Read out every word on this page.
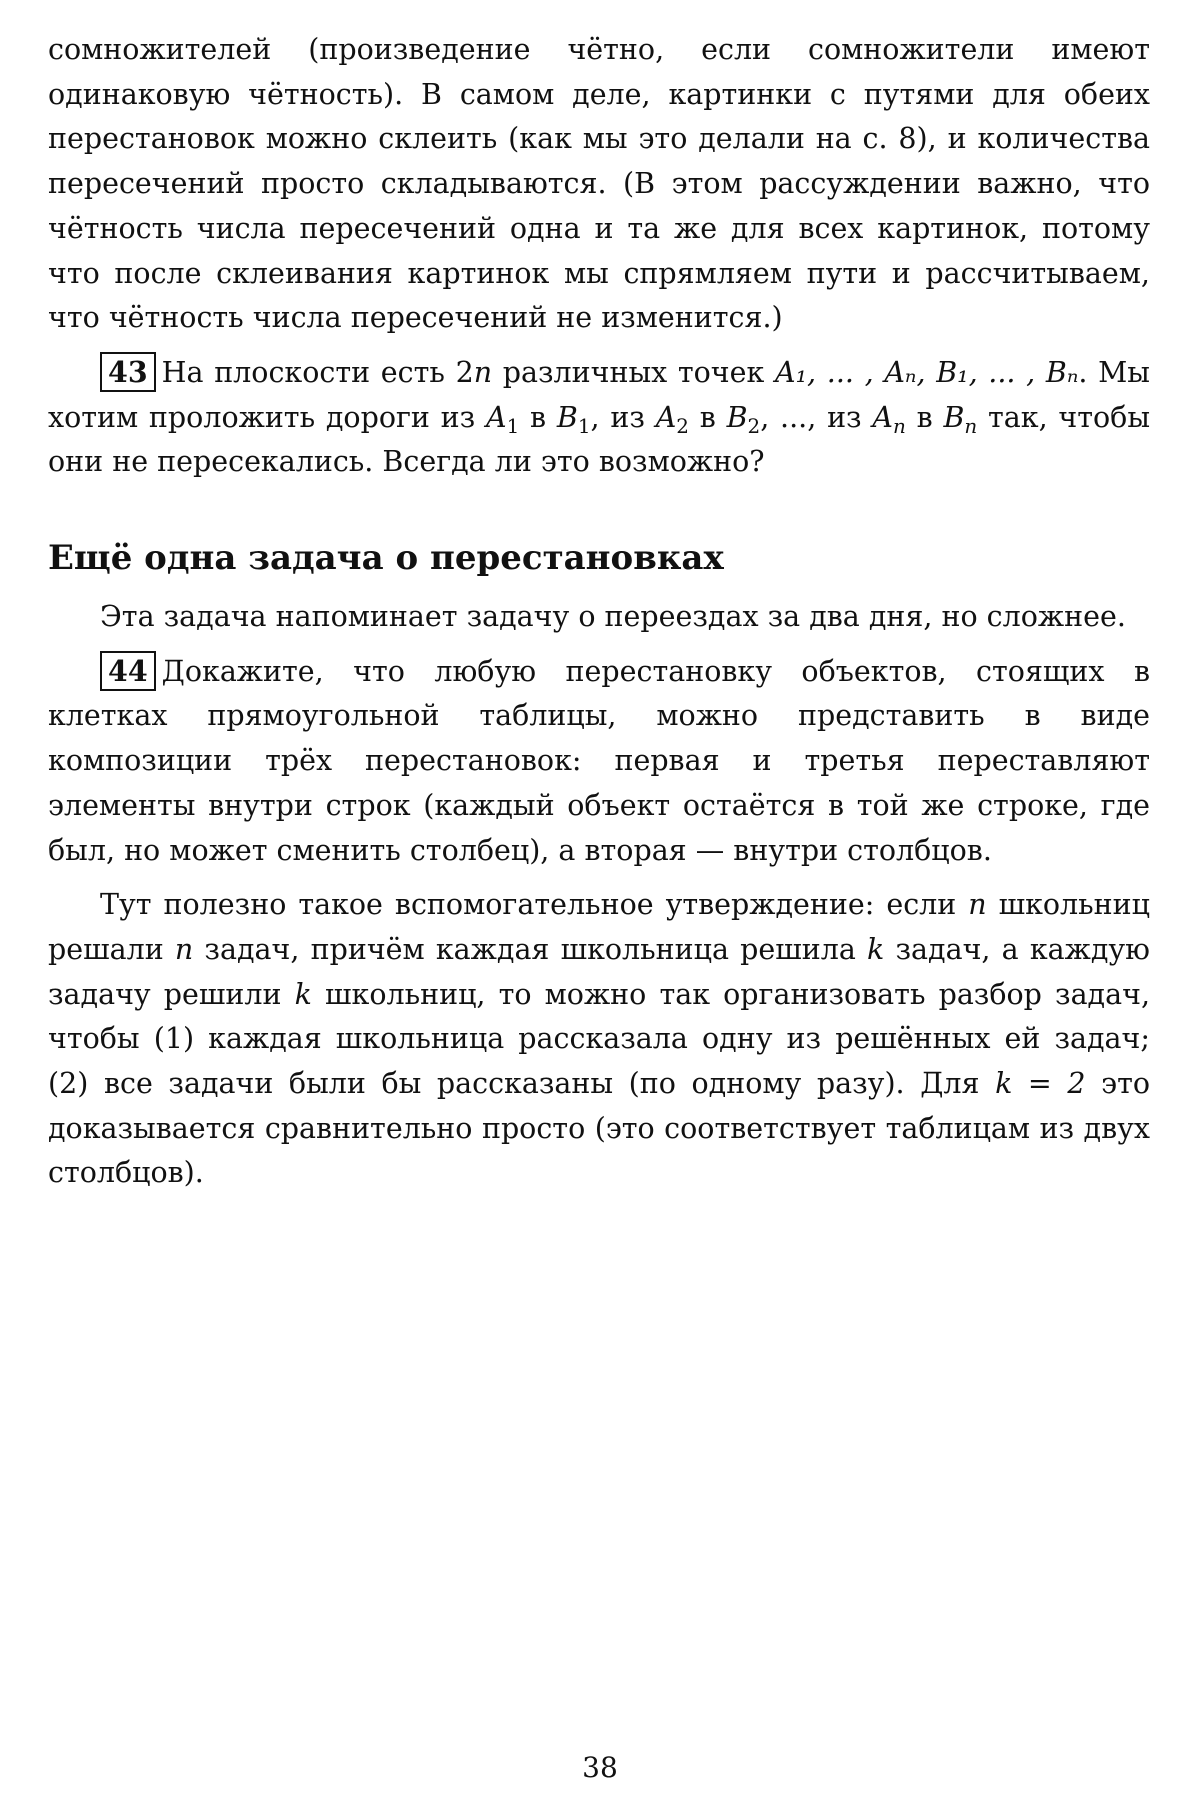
сомножителей (произведение чётно, если сомножители имеют одинако­вую чётность). В самом деле, картинки с путями для обеих перестановок можно склеить (как мы это делали на с. 8), и количества пересечений просто складываются. (В этом рассуждении важно, что чётность числа пересечений одна и та же для всех картинок, потому что после склеива­ния картинок мы спрямляем пути и рассчитываем, что чётность числа пересечений не изменится.)

43 На плоскости есть 2n различных точек A₁, ... , Aₙ, B₁, ... , Bₙ. Мы хо­тим проложить дороги из A1 в B1, из A2 в B2, ..., из An в Bn так, чтобы они не пересекались. Всегда ли это возможно?

Ещё одна задача о перестановках

Эта задача напоминает задачу о переездах за два дня, но сложнее.

44 Докажите, что любую перестановку объектов, стоящих в клетках прямоугольной таблицы, можно представить в виде композиции трёх пе­рестановок: первая и третья переставляют элементы внутри строк (каж­дый объект остаётся в той же строке, где был, но может сменить столбец), а вторая — внутри столбцов.

Тут полезно такое вспомогательное утверждение: если n школьниц решали n задач, причём каждая школьница решила k задач, а каждую за­дачу решили k школьниц, то можно так организовать разбор задач, чтобы (1) каждая школьница рассказала одну из решённых ей задач; (2) все за­дачи были бы рассказаны (по одному разу). Для k = 2 это доказывается сравнительно просто (это соответствует таблицам из двух столбцов).

38
